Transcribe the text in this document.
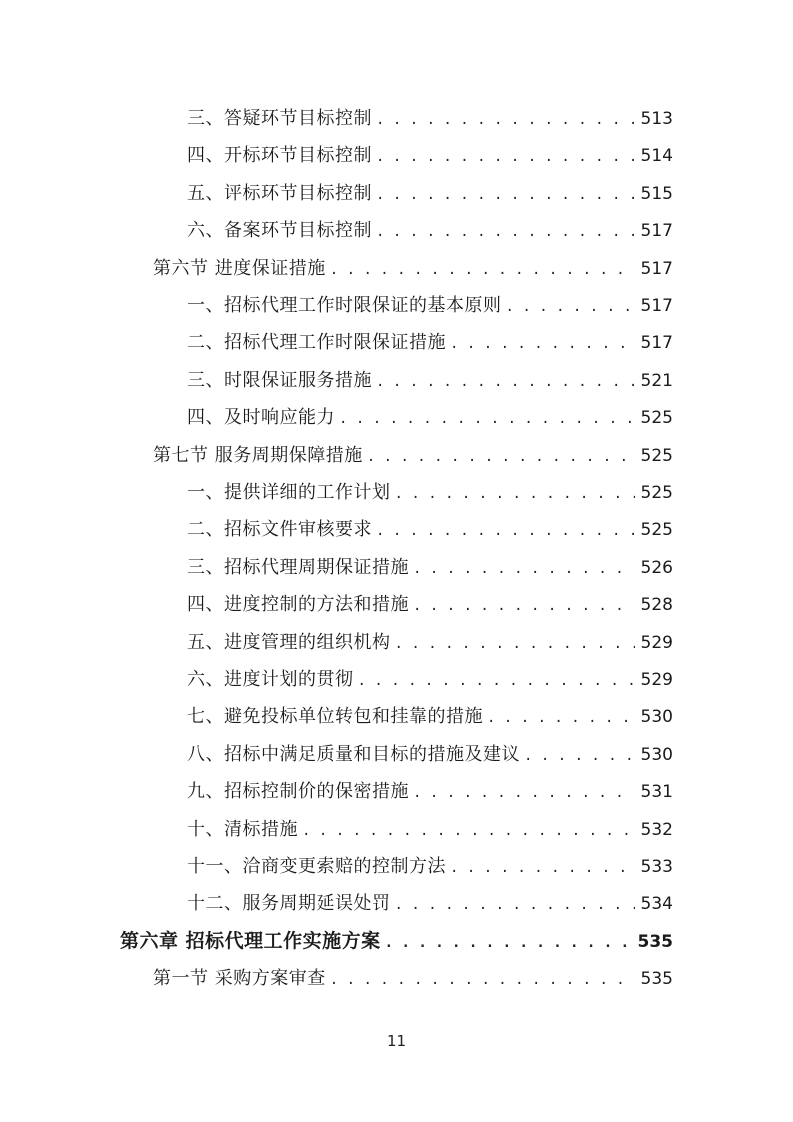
三、答疑环节目标控制 . . .	513
四、开标环节目标控制 . . .	514
五、评标环节目标控制 . . .	515
六、备案环节目标控制 . . .	517
第六节 进度保证措施 . . .	517
一、招标代理工作时限保证的基本原则 . . .	517
二、招标代理工作时限保证措施 . . .	517
三、时限保证服务措施 . . .	521
四、及时响应能力 . . .	525
第七节 服务周期保障措施 . . .	525
一、提供详细的工作计划 . . .	525
二、招标文件审核要求 . . .	525
三、招标代理周期保证措施 . . .	526
四、进度控制的方法和措施 . . .	528
五、进度管理的组织机构 . . .	529
六、进度计划的贯彻 . . .	529
七、避免投标单位转包和挂靠的措施 . . .	530
八、招标中满足质量和目标的措施及建议 . . .	530
九、招标控制价的保密措施 . . .	531
十、清标措施 . . .	532
十一、洽商变更索赔的控制方法 . . .	533
十二、服务周期延误处罚 . . .	534
第六章 招标代理工作实施方案 . . .	535
第一节 采购方案审查 . . .	535
11
